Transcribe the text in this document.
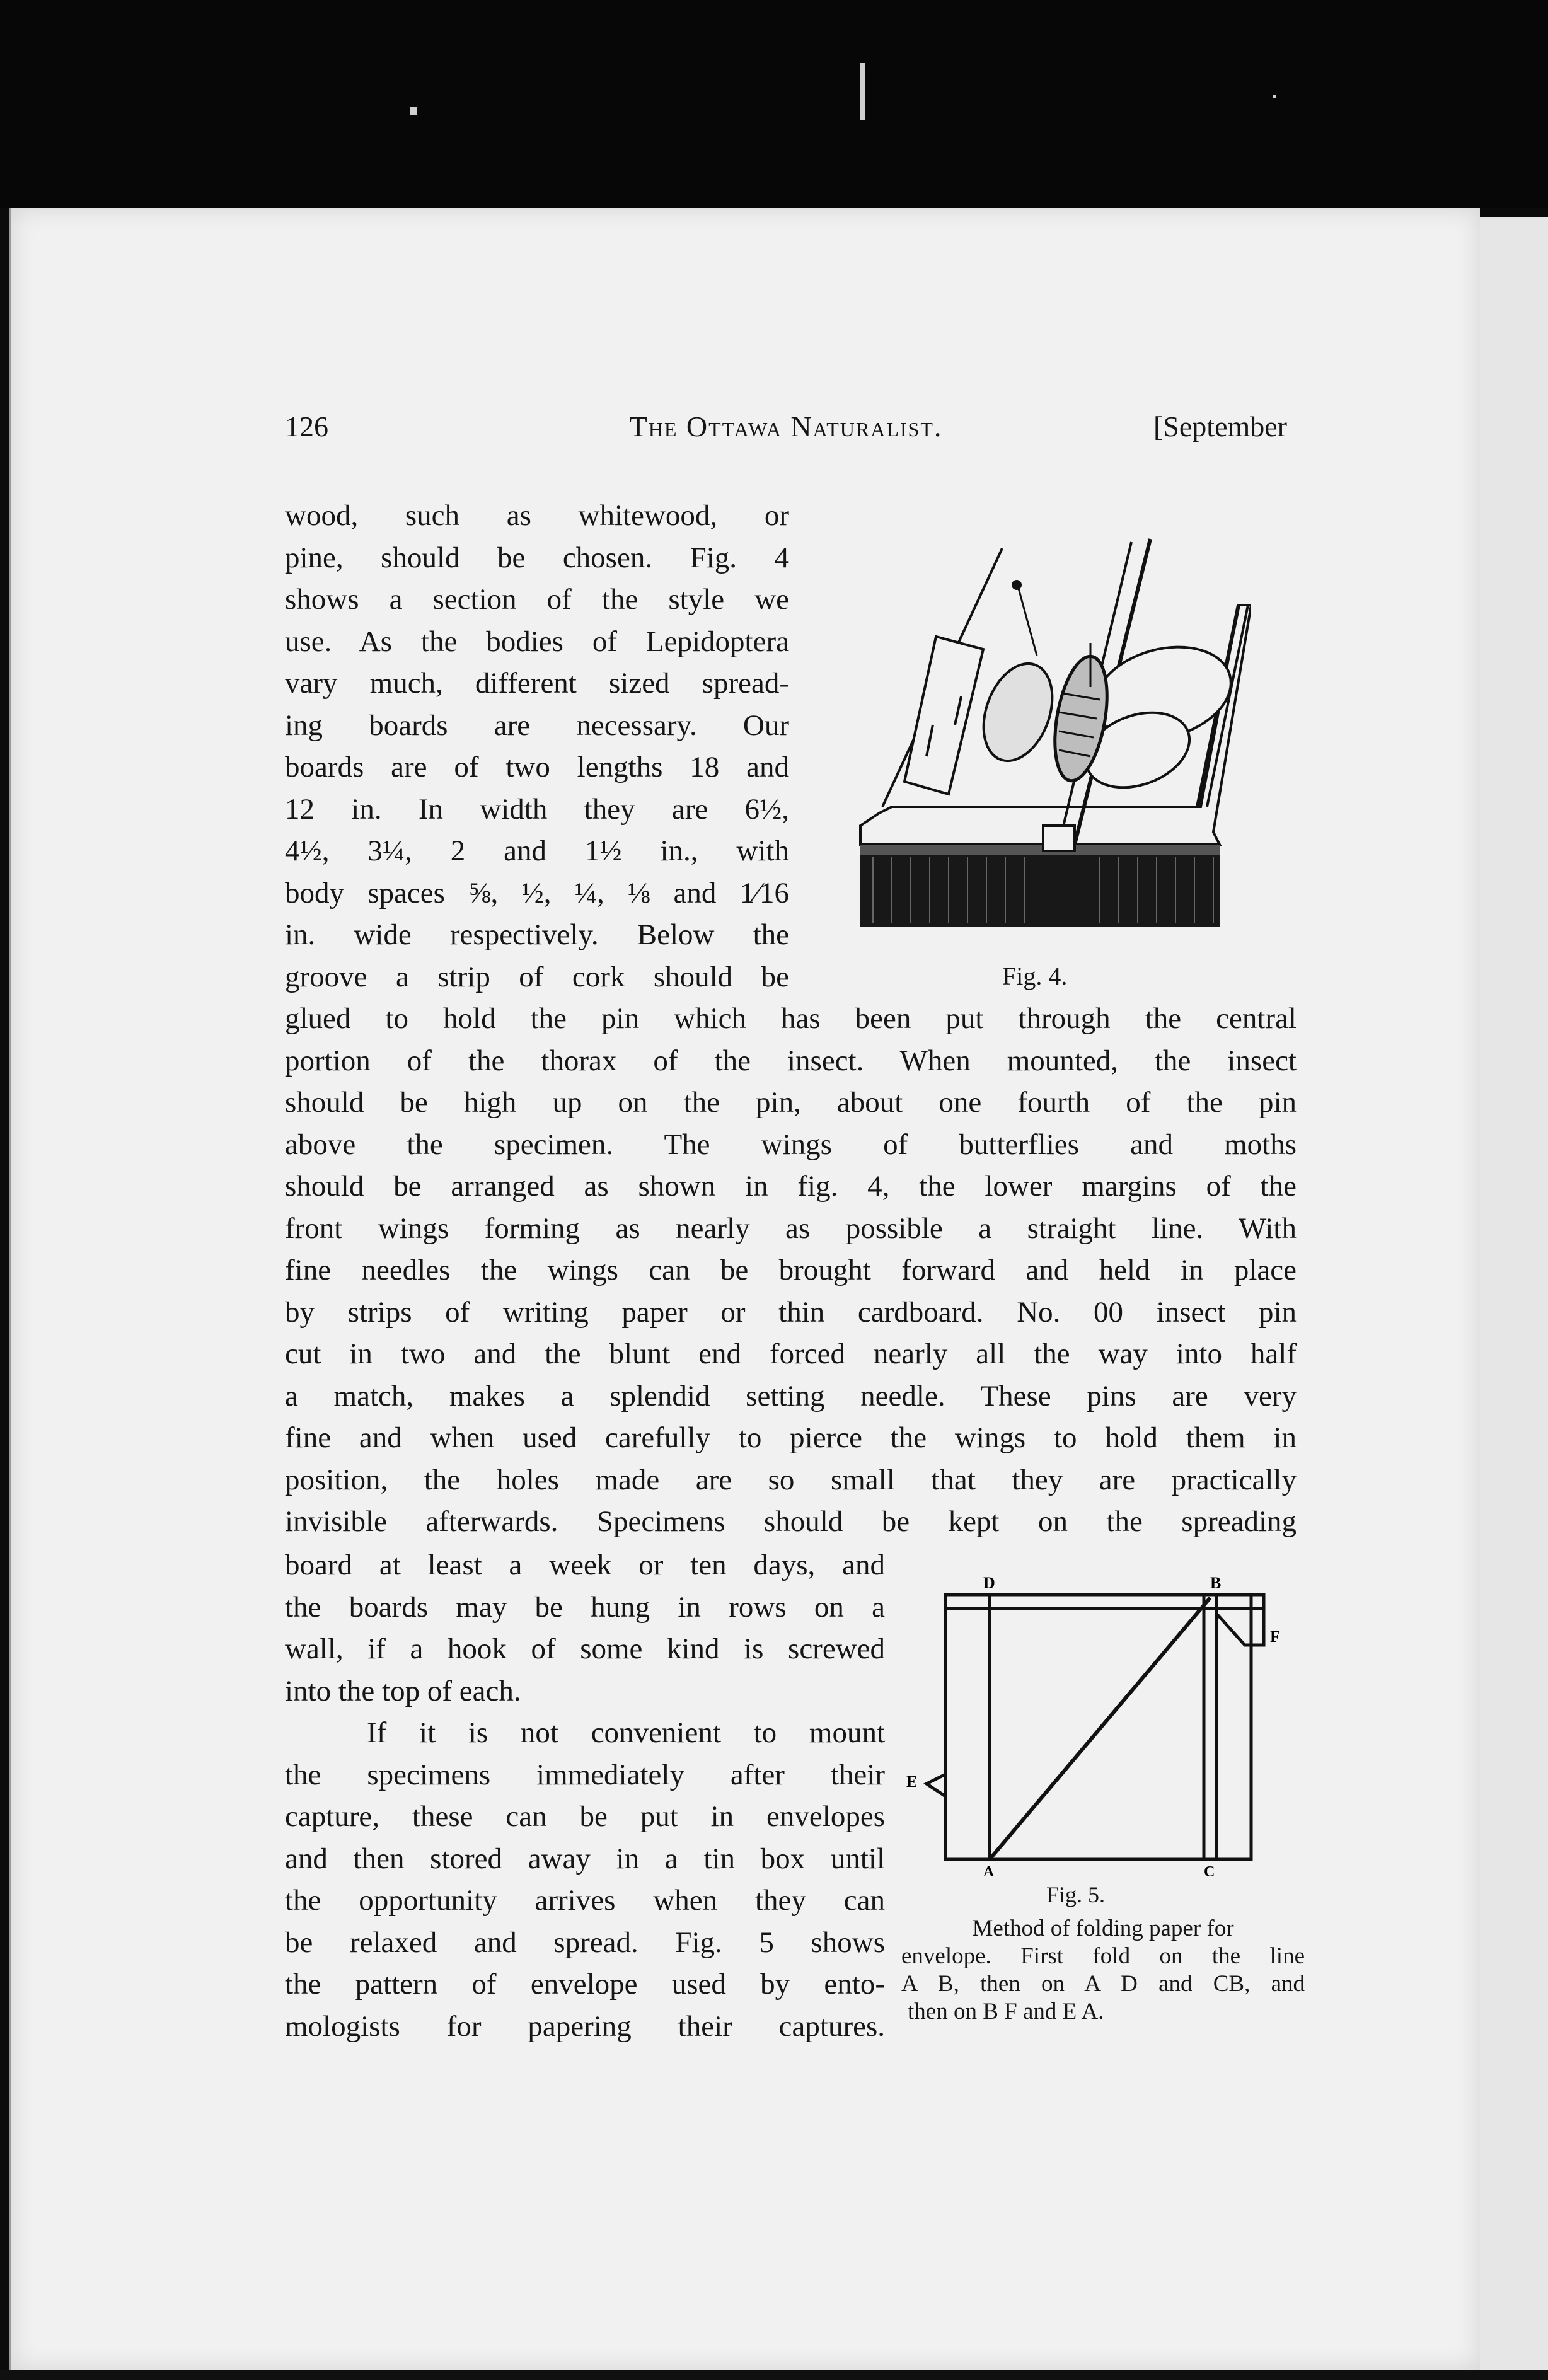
126	The Ottawa Naturalist.	[September
wood, such as whitewood, or
pine, should be chosen. Fig. 4
shows a section of the style we
use. As the bodies of Lepidoptera
vary much, different sized spread-
ing boards are necessary. Our
boards are of two lengths 18 and
12 in. In width they are 6½,
4½, 3¼, 2 and 1½ in., with
body spaces ⅝, ½, ¼, ⅛ and 1⁄16
in. wide respectively. Below the
groove a strip of cork should be	Fig. 4.
glued to hold the pin which has been put through the central
portion of the thorax of the insect. When mounted, the insect
should be high up on the pin, about one fourth of the pin
above the specimen. The wings of butterflies and moths
should be arranged as shown in fig. 4, the lower margins of the
front wings forming as nearly as possible a straight line. With
fine needles the wings can be brought forward and held in place
by strips of writing paper or thin cardboard. No. 00 insect pin
cut in two and the blunt end forced nearly all the way into half
a match, makes a splendid setting needle. These pins are very
fine and when used carefully to pierce the wings to hold them in
position, the holes made are so small that they are practically
invisible afterwards. Specimens should be kept on the spreading
board at least a week or ten days, and
the boards may be hung in rows on a
wall, if a hook of some kind is screwed
into the top of each.
If it is not convenient to mount
the specimens immediately after their
capture, these can be put in envelopes
and then stored away in a tin box until
the opportunity arrives when they can
be relaxed and spread. Fig. 5 shows
the pattern of envelope used by ento-
mologists for papering their captures.
D	B
F
E
A	C
Fig. 5.
Method of folding paper for
envelope. First fold on the line
A B, then on A D and CB, and
then on B F and E A.
